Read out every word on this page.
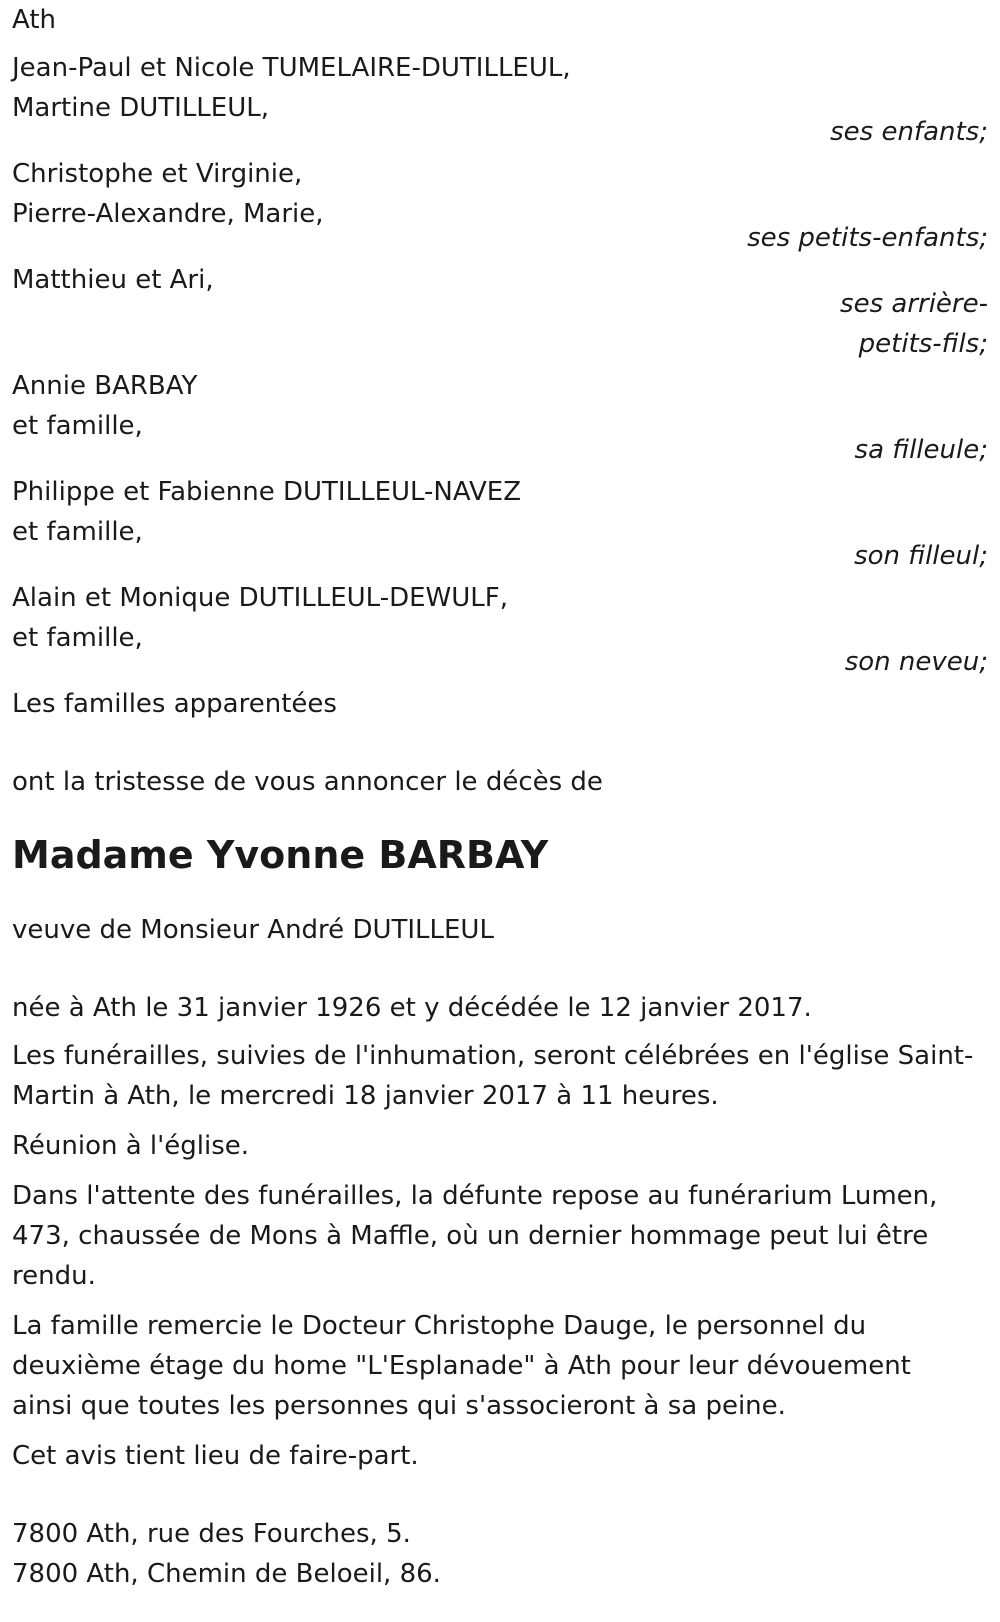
Ath
Jean-Paul et Nicole TUMELAIRE-DUTILLEUL,
Martine DUTILLEUL,
ses enfants;
Christophe et Virginie,
Pierre-Alexandre, Marie,
ses petits-enfants;
Matthieu et Ari,
ses arrière-
petits-fils;
Annie BARBAY
et famille,
sa filleule;
Philippe et Fabienne DUTILLEUL-NAVEZ
et famille,
son filleul;
Alain et Monique DUTILLEUL-DEWULF,
et famille,
son neveu;
Les familles apparentées
ont la tristesse de vous annoncer le décès de
Madame Yvonne BARBAY
veuve de Monsieur André DUTILLEUL
née à Ath le 31 janvier 1926 et y décédée le 12 janvier 2017.
Les funérailles, suivies de l'inhumation, seront célébrées en l'église Saint-
Martin à Ath, le mercredi 18 janvier 2017 à 11 heures.
Réunion à l'église.
Dans l'attente des funérailles, la défunte repose au funérarium Lumen,
473, chaussée de Mons à Maffle, où un dernier hommage peut lui être
rendu.
La famille remercie le Docteur Christophe Dauge, le personnel du
deuxième étage du home "L'Esplanade" à Ath pour leur dévouement
ainsi que toutes les personnes qui s'associeront à sa peine.
Cet avis tient lieu de faire-part.
7800 Ath, rue des Fourches, 5.
7800 Ath, Chemin de Beloeil, 86.
